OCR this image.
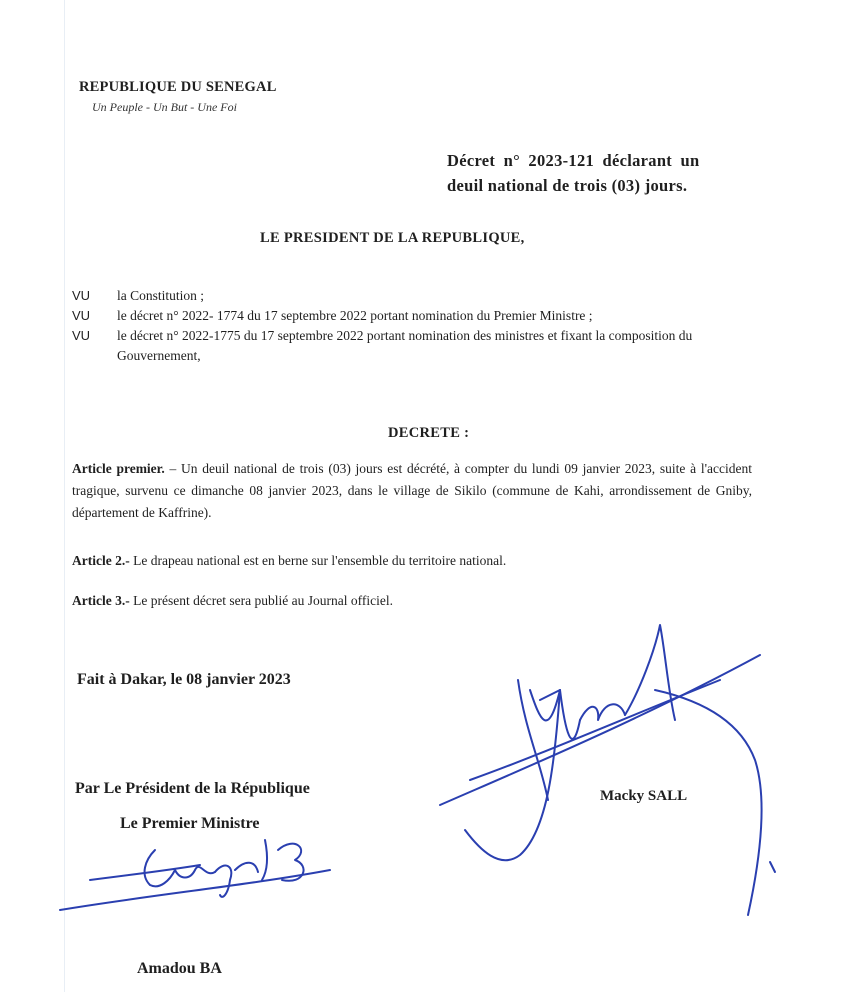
REPUBLIQUE DU SENEGAL
Un Peuple - Un But - Une Foi
Décret n° 2023-121 déclarant un
deuil national de trois (03) jours.
LE PRESIDENT DE LA REPUBLIQUE,
VU	la Constitution ;
VU	le décret n° 2022- 1774 du 17 septembre 2022 portant nomination du Premier Ministre ;
VU	le décret n° 2022-1775 du 17 septembre 2022 portant nomination des ministres et fixant la composition du Gouvernement,
DECRETE :
Article premier. – Un deuil national de trois (03) jours est décrété, à compter du lundi 09 janvier 2023, suite à l'accident tragique, survenu ce dimanche 08 janvier 2023, dans le village de Sikilo (commune de Kahi, arrondissement de Gniby, département de Kaffrine).
Article 2.- Le drapeau national est en berne sur l'ensemble du territoire national.
Article 3.- Le présent décret sera publié au Journal officiel.
Fait à Dakar, le 08 janvier 2023
Par Le Président de la République
Le Premier Ministre
Amadou BA
Macky SALL
